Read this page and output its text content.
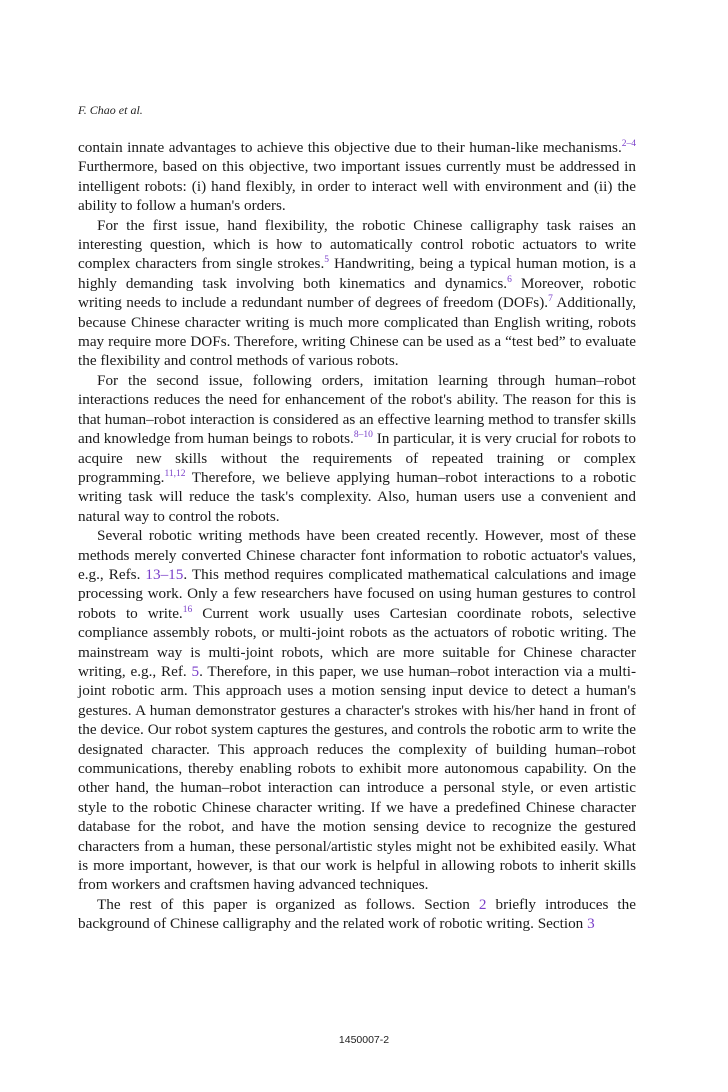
F. Chao et al.

contain innate advantages to achieve this objective due to their human-like mechanisms.$^{2-4}$ Furthermore, based on this objective, two important issues currently must be addressed in intelligent robots: (i) hand flexibly, in order to interact well with environment and (ii) the ability to follow a human's orders.

For the first issue, hand flexibility, the robotic Chinese calligraphy task raises an interesting question, which is how to automatically control robotic actuators to write complex characters from single strokes.$^5$ Handwriting, being a typical human motion, is a highly demanding task involving both kinematics and dynamics.$^6$ Moreover, robotic writing needs to include a redundant number of degrees of freedom (DOFs).$^7$ Additionally, because Chinese character writing is much more complicated than English writing, robots may require more DOFs. Therefore, writing Chinese can be used as a “test bed” to evaluate the flexibility and control methods of various robots.

For the second issue, following orders, imitation learning through human–robot interactions reduces the need for enhancement of the robot's ability. The reason for this is that human–robot interaction is considered as an effective learning method to transfer skills and knowledge from human beings to robots.$^{8-10}$ In particular, it is very crucial for robots to acquire new skills without the requirements of repeated training or complex programming.$^{11,12}$ Therefore, we believe applying human–robot interactions to a robotic writing task will reduce the task's complexity. Also, human users use a convenient and natural way to control the robots.

Several robotic writing methods have been created recently. However, most of these methods merely converted Chinese character font information to robotic actuator's values, e.g., Refs. 13–15. This method requires complicated mathematical calculations and image processing work. Only a few researchers have focused on using human gestures to control robots to write.$^{16}$ Current work usually uses Cartesian coordinate robots, selective compliance assembly robots, or multi-joint robots as the actuators of robotic writing. The mainstream way is multi-joint robots, which are more suitable for Chinese character writing, e.g., Ref. 5. Therefore, in this paper, we use human–robot interaction via a multi-joint robotic arm. This approach uses a motion sensing input device to detect a human's gestures. A human demonstrator gestures a character's strokes with his/her hand in front of the device. Our robot system captures the gestures, and controls the robotic arm to write the designated character. This approach reduces the complexity of building human–robot communications, thereby enabling robots to exhibit more autonomous capability. On the other hand, the human–robot interaction can introduce a personal style, or even artistic style to the robotic Chinese character writing. If we have a predefined Chinese character database for the robot, and have the motion sensing device to recognize the gestured characters from a human, these personal/artistic styles might not be exhibited easily. What is more important, however, is that our work is helpful in allowing robots to inherit skills from workers and craftsmen having advanced techniques.

The rest of this paper is organized as follows. Section 2 briefly introduces the background of Chinese calligraphy and the related work of robotic writing. Section 3

1450007-2
